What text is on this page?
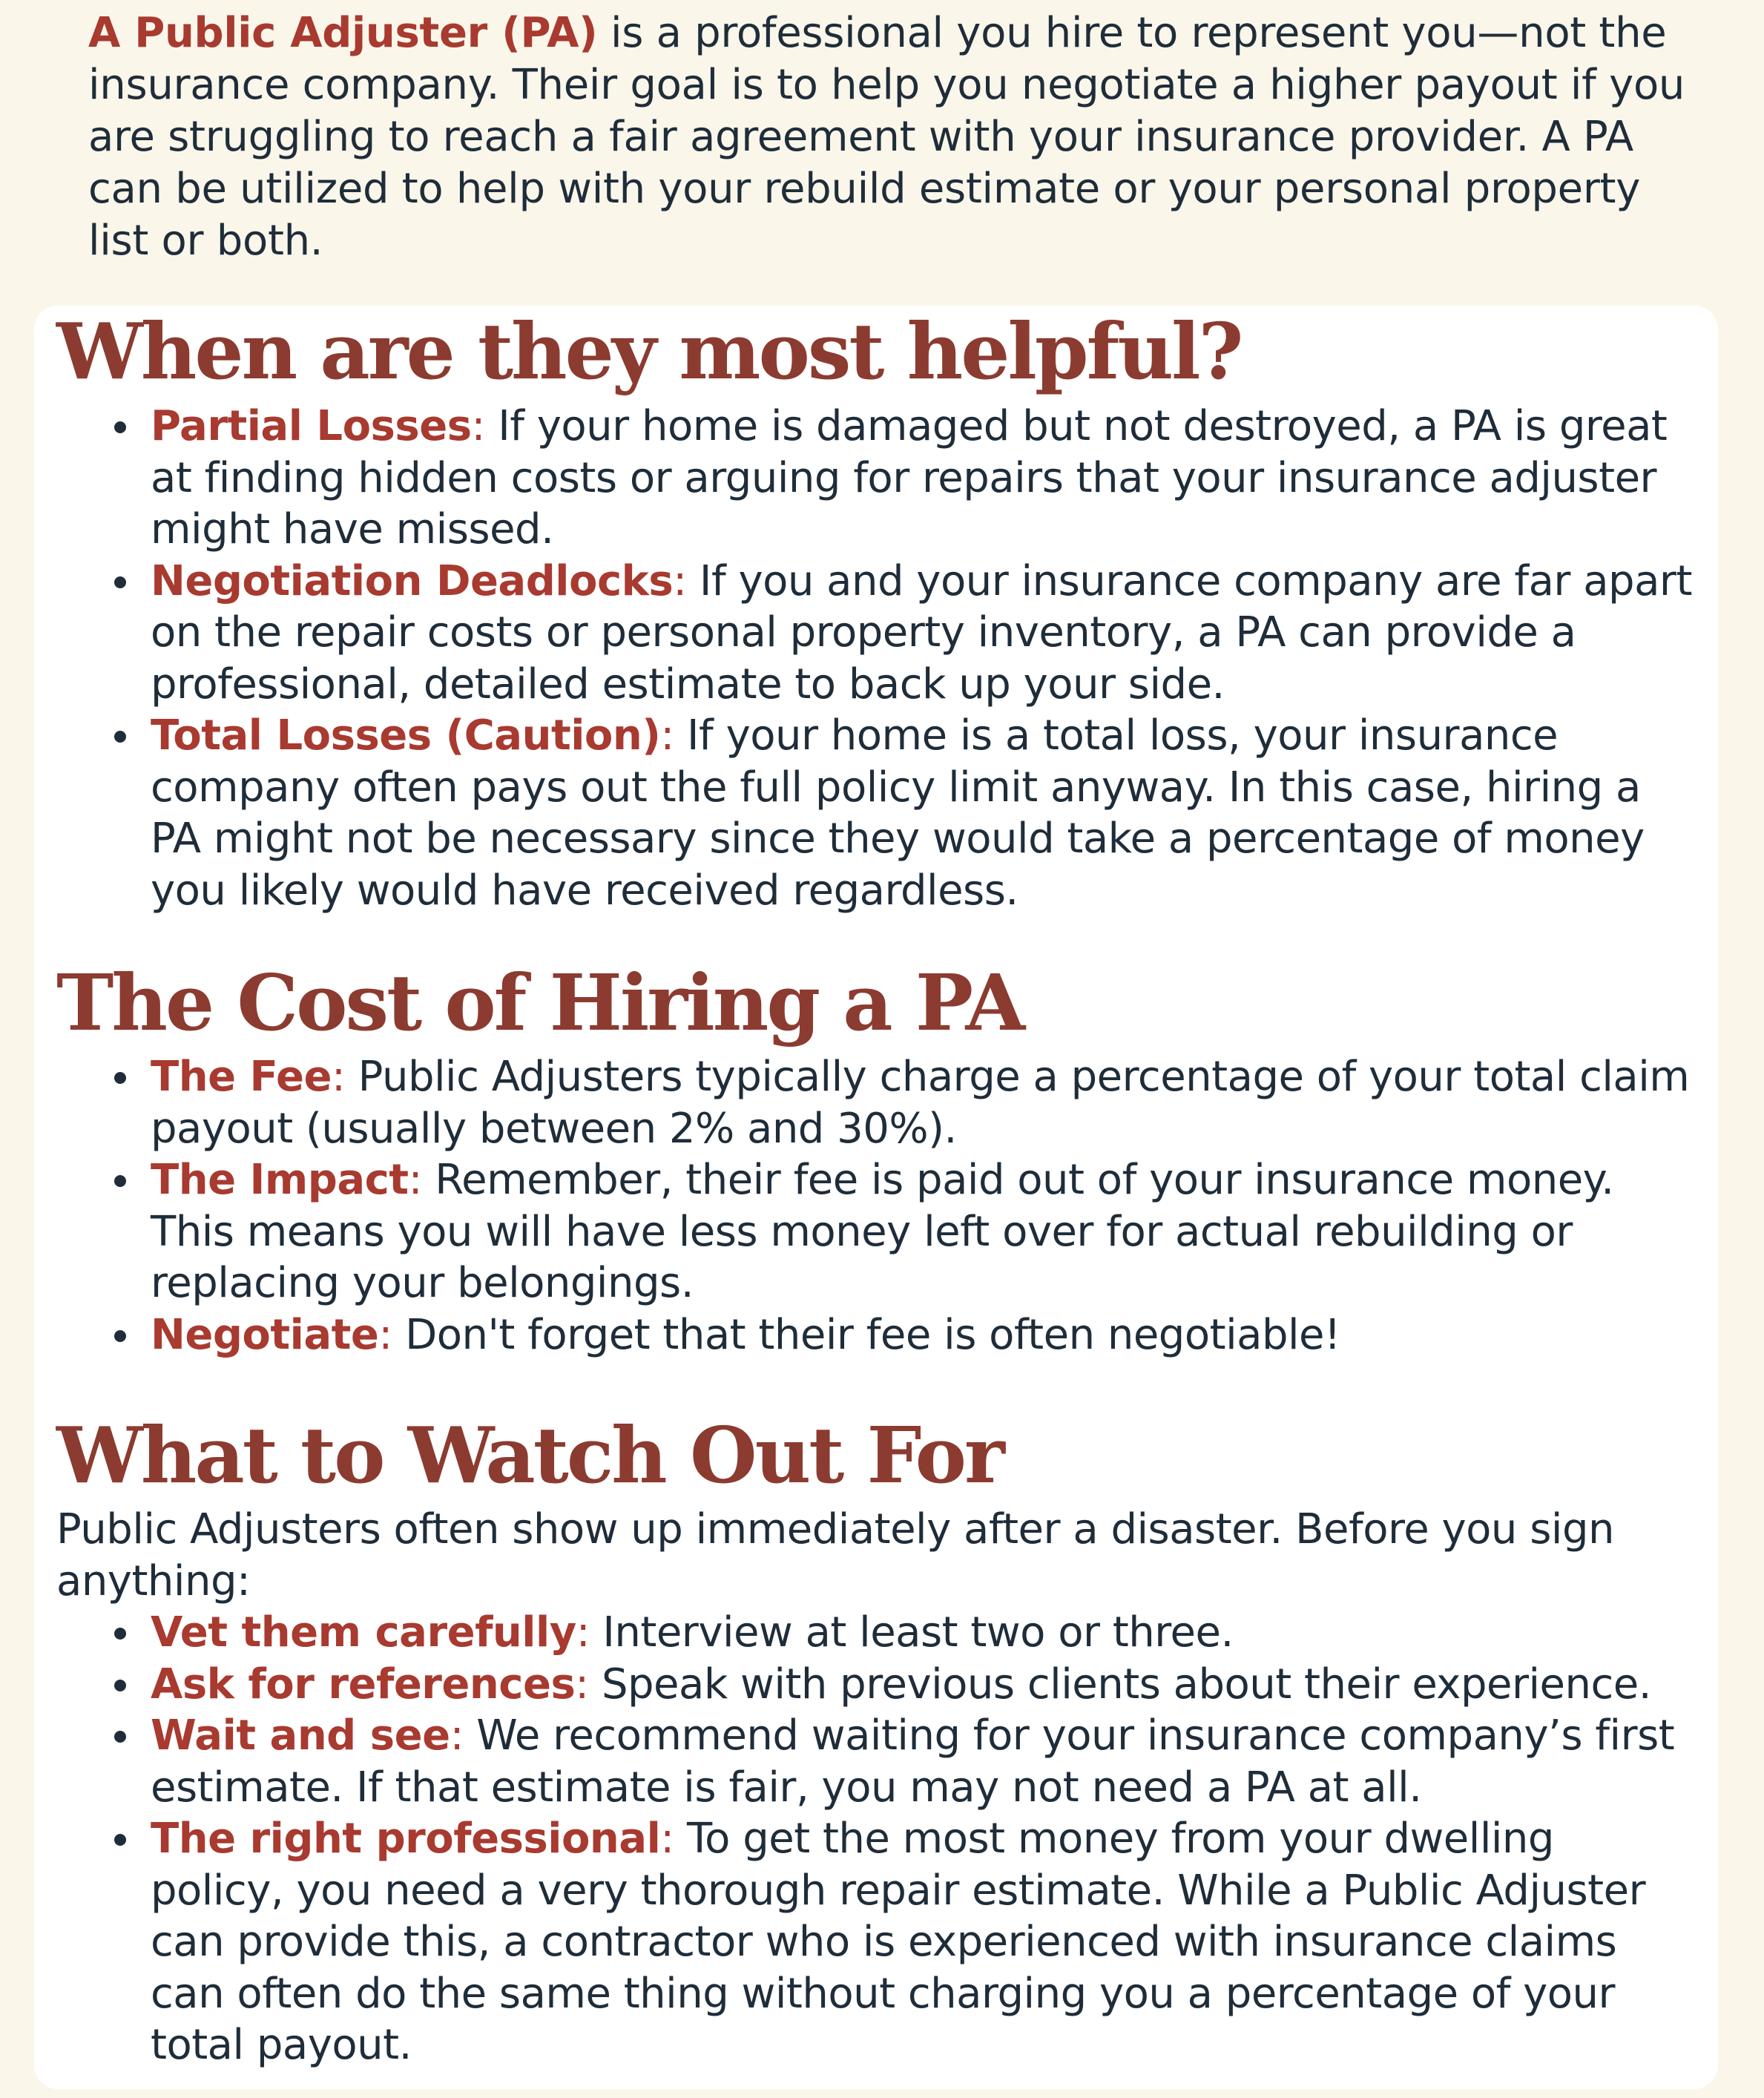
A Public Adjuster (PA) is a professional you hire to represent you—not the insurance company. Their goal is to help you negotiate a higher payout if you are struggling to reach a fair agreement with your insurance provider. A PA can be utilized to help with your rebuild estimate or your personal property list or both.

When are they most helpful?
Partial Losses: If your home is damaged but not destroyed, a PA is great at finding hidden costs or arguing for repairs that your insurance adjuster might have missed.
Negotiation Deadlocks: If you and your insurance company are far apart on the repair costs or personal property inventory, a PA can provide a professional, detailed estimate to back up your side.
Total Losses (Caution): If your home is a total loss, your insurance company often pays out the full policy limit anyway. In this case, hiring a PA might not be necessary since they would take a percentage of money you likely would have received regardless.
The Cost of Hiring a PA
The Fee: Public Adjusters typically charge a percentage of your total claim payout (usually between 2% and 30%).
The Impact: Remember, their fee is paid out of your insurance money. This means you will have less money left over for actual rebuilding or replacing your belongings.
Negotiate: Don't forget that their fee is often negotiable!
What to Watch Out For

Public Adjusters often show up immediately after a disaster. Before you sign anything:

Vet them carefully: Interview at least two or three.
Ask for references: Speak with previous clients about their experience.
Wait and see: We recommend waiting for your insurance company’s first estimate. If that estimate is fair, you may not need a PA at all.
The right professional: To get the most money from your dwelling policy, you need a very thorough repair estimate. While a Public Adjuster can provide this, a contractor who is experienced with insurance claims can often do the same thing without charging you a percentage of your total payout.
